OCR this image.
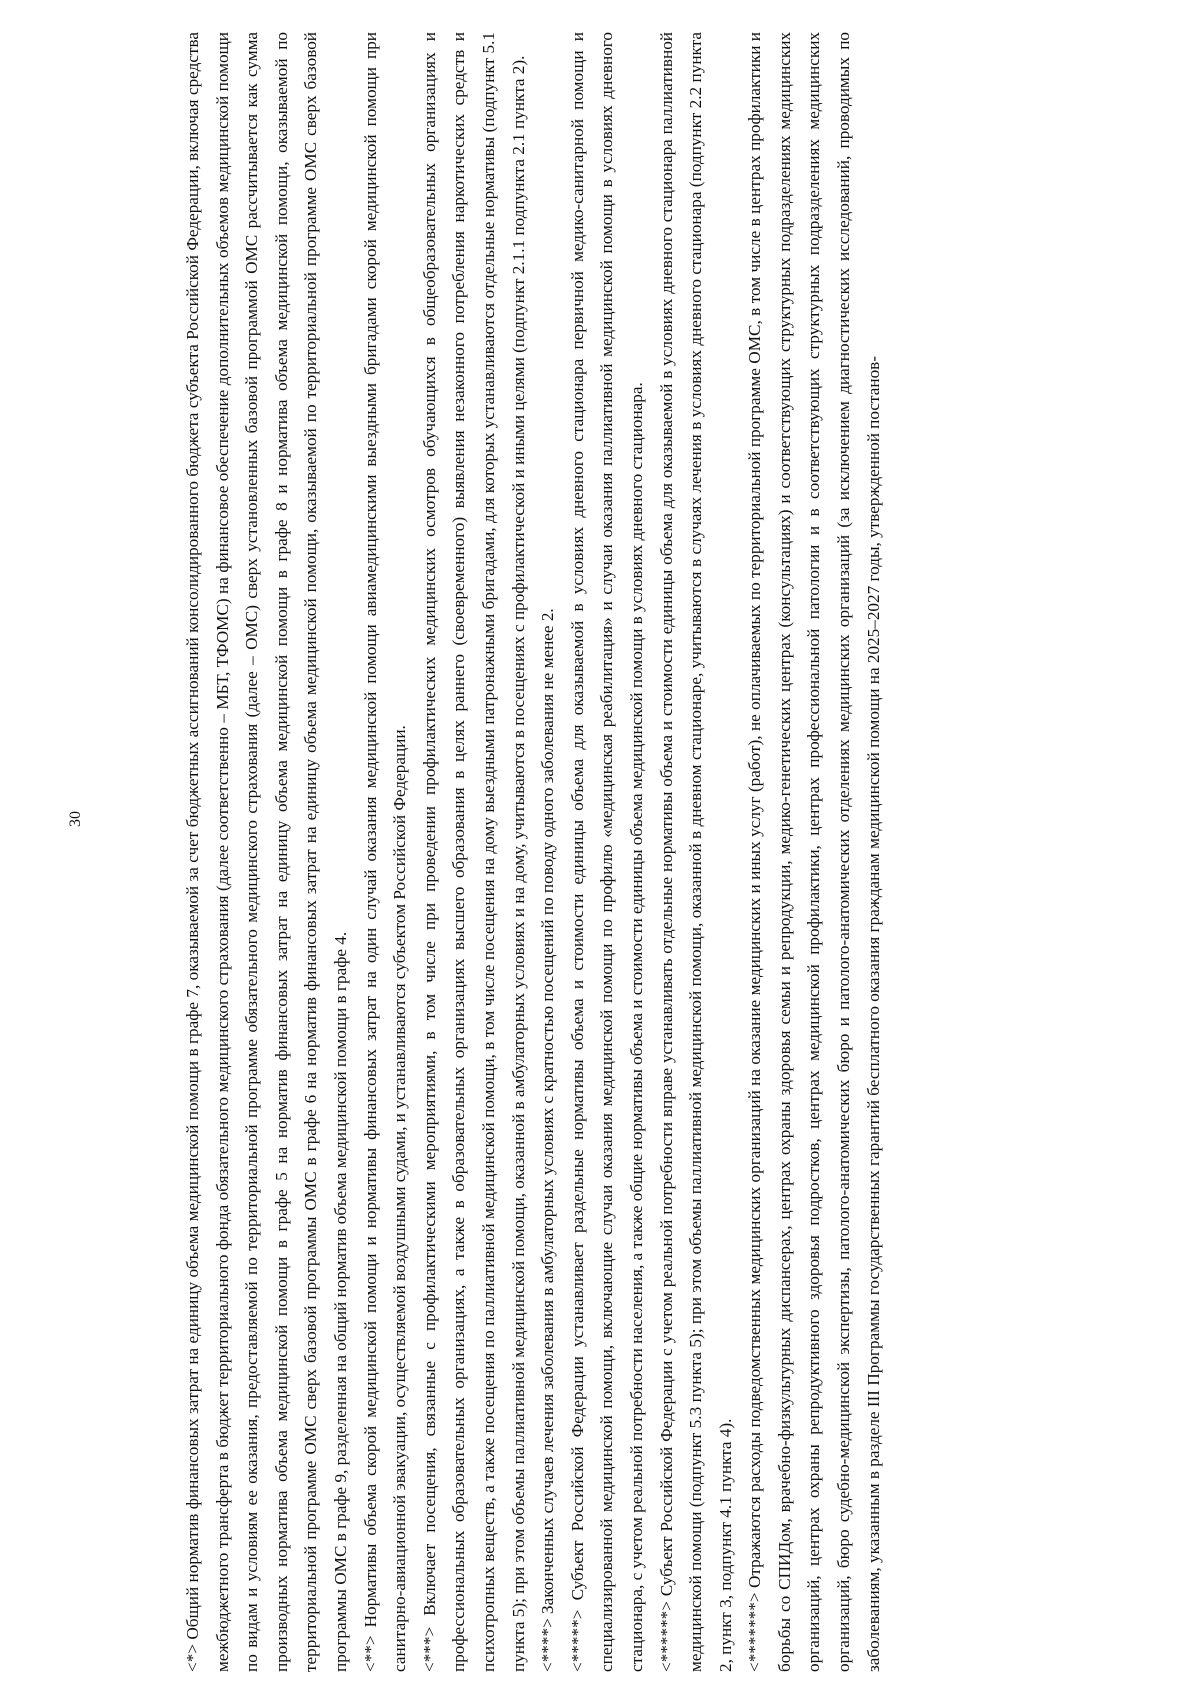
30

<*> Общий норматив финансовых затрат на единицу объема медицинской помощи в графе 7, оказываемой за счет бюджетных ассигнований консолидированного бюджета субъекта Российской Федерации, включая средства межбюджетного трансферта в бюджет территориального фонда обязательного медицинского страхования (далее соответственно – МБТ, ТФОМС) на финансовое обеспечение дополнительных объемов медицинской помощи по видам и условиям ее оказания, предоставляемой по территориальной программе обязательного медицинского страхования (далее – ОМС) сверх установленных базовой программой ОМС рассчитывается как сумма производных норматива объема медицинской помощи в графе 5 на норматив финансовых затрат на единицу объема медицинской помощи в графе 8 и норматива объема медицинской помощи, оказываемой по территориальной программе ОМС сверх базовой программы ОМС в графе 6 на норматив финансовых затрат на единицу объема медицинской помощи, оказываемой по территориальной программе ОМС сверх базовой программы ОМС в графе 9, разделенная на общий норматив объема медицинской помощи в графе 4. <**> Нормативы объема скорой медицинской помощи и нормативы финансовых затрат на один случай оказания медицинской помощи авиамедицинскими выездными бригадами скорой медицинской помощи при санитарно-авиационной эвакуации, осуществляемой воздушными судами, и устанавливаются субъектом Российской Федерации. <***> Включает посещения, связанные с профилактическими мероприятиями, в том числе при проведении профилактических медицинских осмотров обучающихся в общеобразовательных организациях и профессиональных образовательных организациях, а также в образовательных организациях высшего образования в целях раннего (своевременного) выявления незаконного потребления наркотических средств и психотропных веществ, а также посещения по паллиативной медицинской помощи, в том числе посещения на дому выездными патронажными бригадами, для которых устанавливаются отдельные нормативы (подпункт 5.1 пункта 5); при этом объемы паллиативной медицинской помощи, оказанной в амбулаторных условиях и на дому, учитываются в посещениях с профилактической и иными целями (подпункт 2.1.1 подпункта 2.1 пункта 2). <****> Законченных случаев лечения заболевания в амбулаторных условиях с кратностью посещений по поводу одного заболевания не менее 2.

<*****> Субъект Российской Федерации устанавливает раздельные нормативы объема и стоимости единицы объема для оказываемой в условиях дневного стационара первичной медико-санитарной помощи и специализированной медицинской помощи, включающие случаи оказания медицинской помощи по профилю «медицинская реабилитация» и случаи оказания паллиативной медицинской помощи в условиях дневного стационара, с учетом реальной потребности населения, а также общие нормативы объема и стоимости единицы объема медицинской помощи в условиях дневного стационара. <******> Субъект Российской Федерации с учетом реальной потребности вправе устанавливать отдельные нормативы объема и стоимости единицы объема для оказываемой в условиях дневного стационара паллиативной медицинской помощи (подпункт 5.3 пункта 5); при этом объемы паллиативной медицинской помощи, оказанной в дневном стационаре, учитываются в случаях лечения в условиях дневного стационара (подпункт 2.2 пункта 2, пункт 3, подпункт 4.1 пункта 4). <*******> Отражаются расходы подведомственных медицинских организаций на оказание медицинских и иных услуг (работ), не оплачиваемых по территориальной программе ОМС, в том числе в центрах профилактики и борьбы со СПИДом, врачебно-физкультурных диспансерах, центрах охраны здоровья семьи и репродукции, медико-генетических центрах (консультациях) и соответствующих структурных подразделениях медицинских организаций, центрах охраны репродуктивного здоровья подростков, центрах медицинской профилактики, центрах профессиональной патологии и в соответствующих структурных подразделениях медицинских организаций, бюро судебно-медицинской экспертизы, патолого-анатомических бюро и патолого-анатомических отделениях медицинских организаций (за исключением диагностических исследований, проводимых по заболеваниям, указанным в разделе III Программы государственных гарантий бесплатного оказания гражданам медицинской помощи на 2025–2027 годы, утвержденной постанов-
